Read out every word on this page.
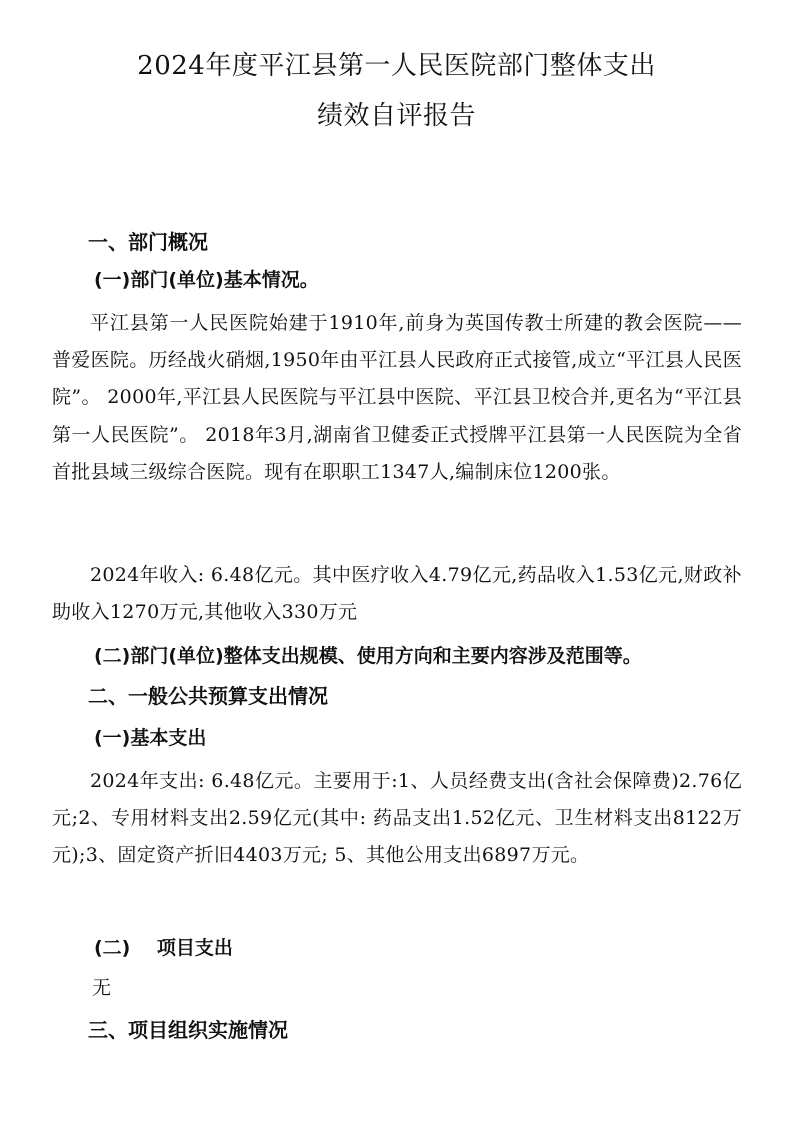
2024年度平江县第一人民医院部门整体支出
绩效自评报告
一、部门概况
(一)部门(单位)基本情况。
平江县第一人民医院始建于1910年,前身为英国传教士所建的教会医院——普爱医院。历经战火硝烟,1950年由平江县人民政府正式接管,成立“平江县人民医院”。 2000年,平江县人民医院与平江县中医院、平江县卫校合并,更名为“平江县第一人民医院”。 2018年3月,湖南省卫健委正式授牌平江县第一人民医院为全省首批县域三级综合医院。现有在职职工1347人,编制床位1200张。
2024年收入: 6.48亿元。其中医疗收入4.79亿元,药品收入1.53亿元,财政补助收入1270万元,其他收入330万元
(二)部门(单位)整体支出规模、使用方向和主要内容涉及范围等。
二、一般公共预算支出情况
(一)基本支出
2024年支出: 6.48亿元。主要用于:1、人员经费支出(含社会保障费)2.76亿元;2、专用材料支出2.59亿元(其中: 药品支出1.52亿元、卫生材料支出8122万元);3、固定资产折旧4403万元; 5、其他公用支出6897万元。
(二)    项目支出
无
三、项目组织实施情况
